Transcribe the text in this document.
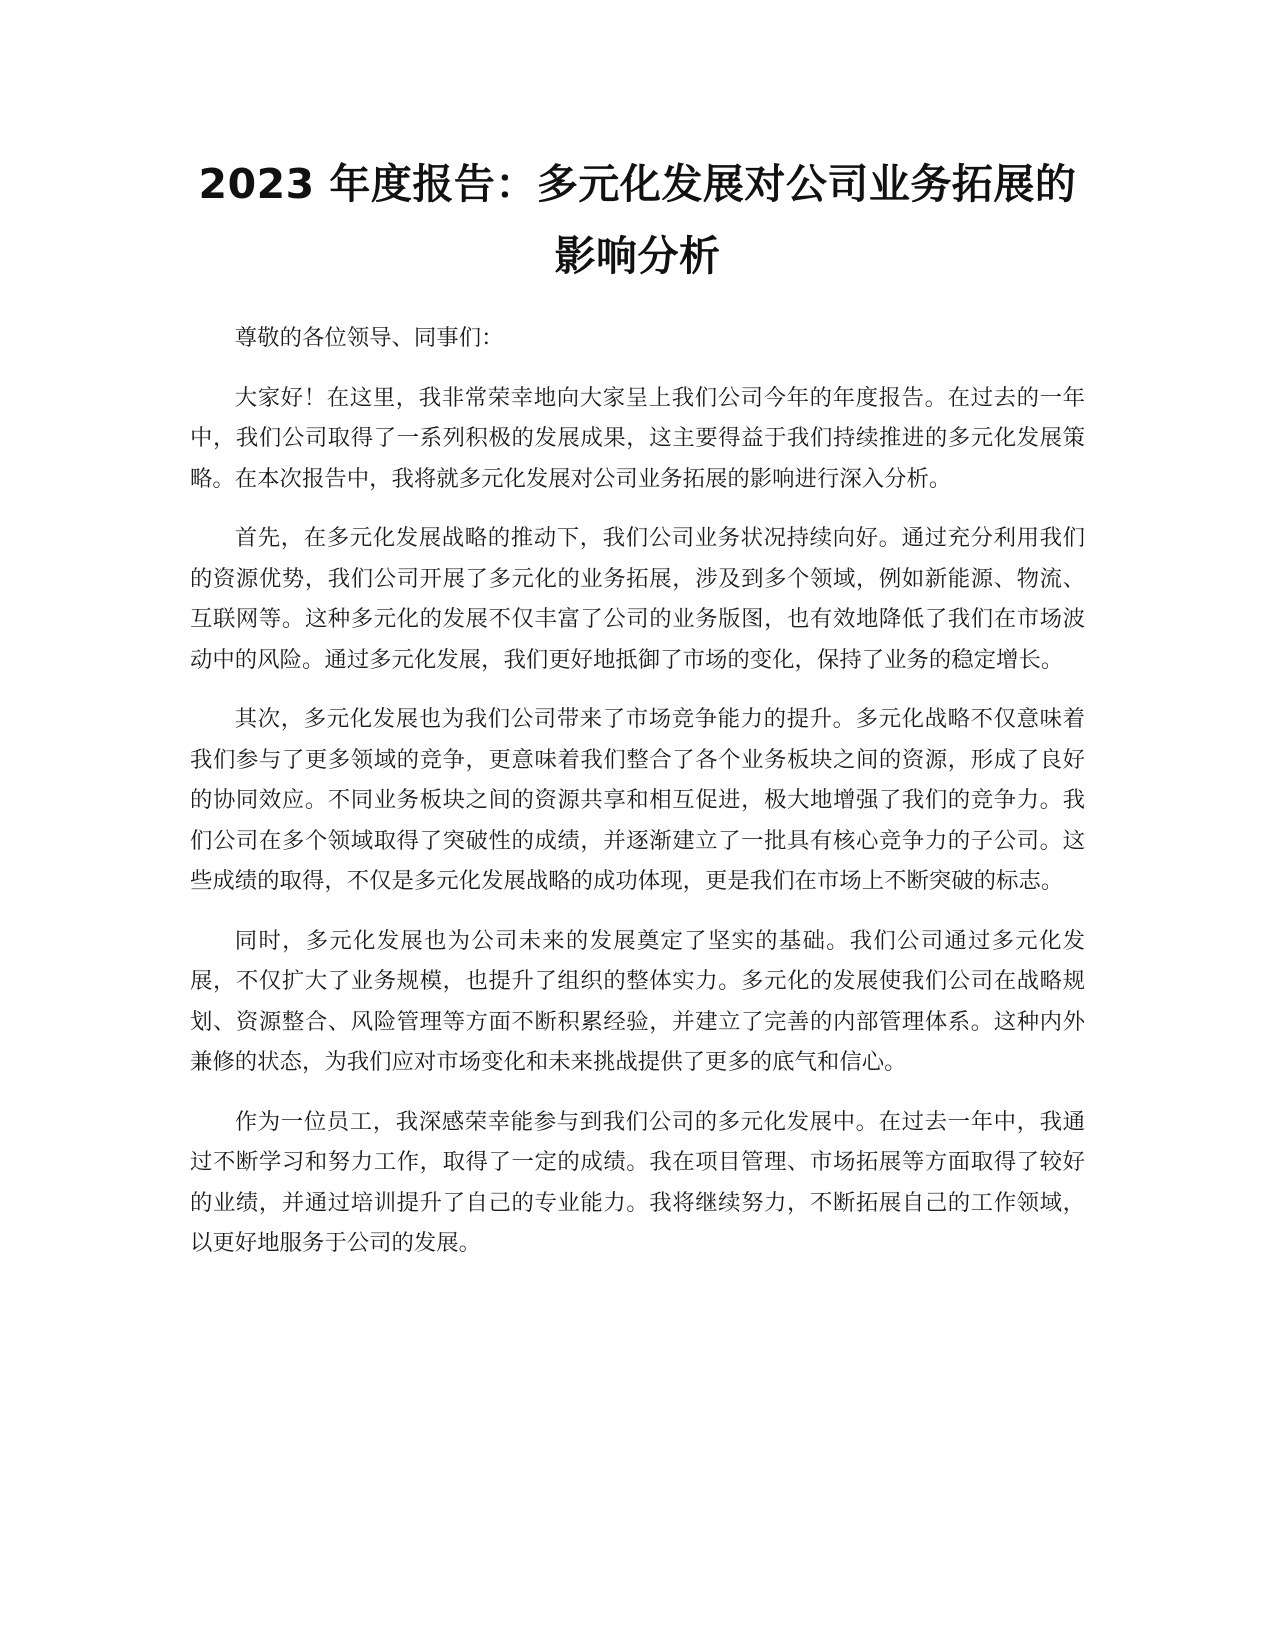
2023 年度报告：多元化发展对公司业务拓展的影响分析

尊敬的各位领导、同事们：

大家好！在这里，我非常荣幸地向大家呈上我们公司今年的年度报告。在过去的一年中，我们公司取得了一系列积极的发展成果，这主要得益于我们持续推进的多元化发展策略。在本次报告中，我将就多元化发展对公司业务拓展的影响进行深入分析。

首先，在多元化发展战略的推动下，我们公司业务状况持续向好。通过充分利用我们的资源优势，我们公司开展了多元化的业务拓展，涉及到多个领域，例如新能源、物流、互联网等。这种多元化的发展不仅丰富了公司的业务版图，也有效地降低了我们在市场波动中的风险。通过多元化发展，我们更好地抵御了市场的变化，保持了业务的稳定增长。

其次，多元化发展也为我们公司带来了市场竞争能力的提升。多元化战略不仅意味着我们参与了更多领域的竞争，更意味着我们整合了各个业务板块之间的资源，形成了良好的协同效应。不同业务板块之间的资源共享和相互促进，极大地增强了我们的竞争力。我们公司在多个领域取得了突破性的成绩，并逐渐建立了一批具有核心竞争力的子公司。这些成绩的取得，不仅是多元化发展战略的成功体现，更是我们在市场上不断突破的标志。

同时，多元化发展也为公司未来的发展奠定了坚实的基础。我们公司通过多元化发展，不仅扩大了业务规模，也提升了组织的整体实力。多元化的发展使我们公司在战略规划、资源整合、风险管理等方面不断积累经验，并建立了完善的内部管理体系。这种内外兼修的状态，为我们应对市场变化和未来挑战提供了更多的底气和信心。

作为一位员工，我深感荣幸能参与到我们公司的多元化发展中。在过去一年中，我通过不断学习和努力工作，取得了一定的成绩。我在项目管理、市场拓展等方面取得了较好的业绩，并通过培训提升了自己的专业能力。我将继续努力，不断拓展自己的工作领域，以更好地服务于公司的发展。
